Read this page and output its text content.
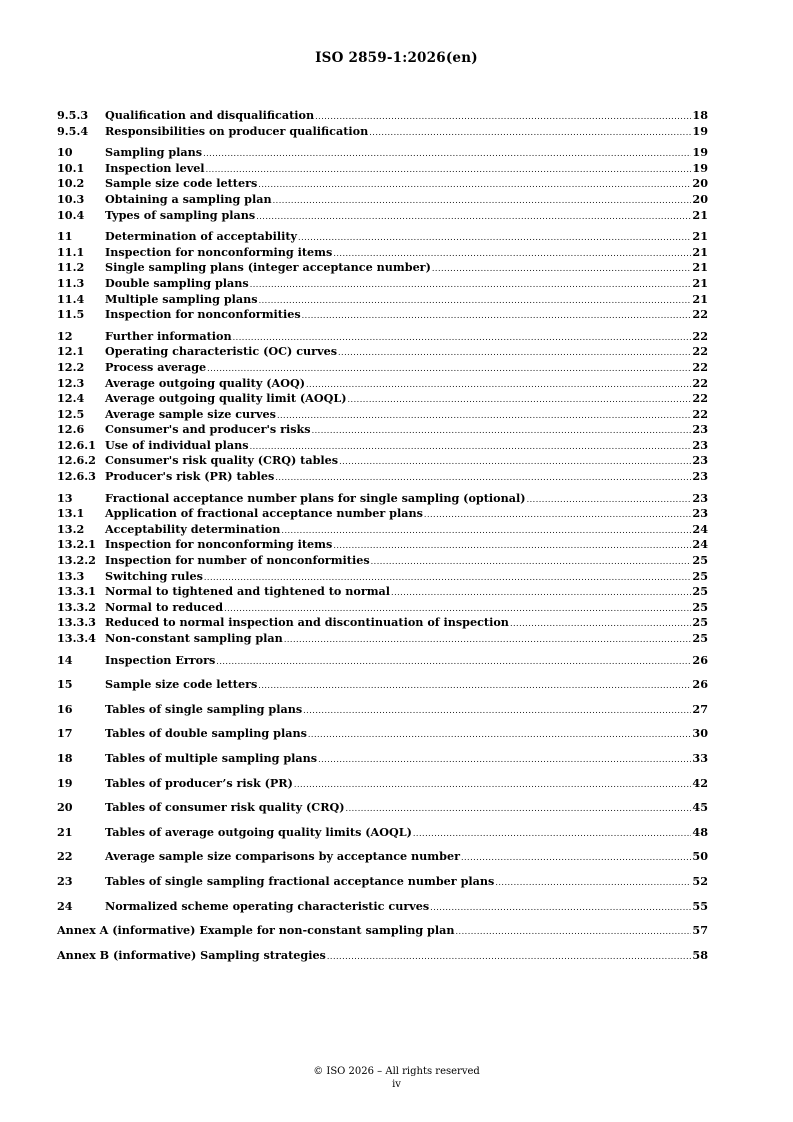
ISO 2859-1:2026(en)
9.5.3	Qualification and disqualification .....	18
9.5.4	Responsibilities on producer qualification .....	19
10	Sampling plans .....	19
10.1	Inspection level .....	19
10.2	Sample size code letters .....	20
10.3	Obtaining a sampling plan .....	20
10.4	Types of sampling plans .....	21
11	Determination of acceptability .....	21
11.1	Inspection for nonconforming items .....	21
11.2	Single sampling plans (integer acceptance number) .....	21
11.3	Double sampling plans .....	21
11.4	Multiple sampling plans .....	21
11.5	Inspection for nonconformities .....	22
12	Further information .....	22
12.1	Operating characteristic (OC) curves .....	22
12.2	Process average .....	22
12.3	Average outgoing quality (AOQ) .....	22
12.4	Average outgoing quality limit (AOQL) .....	22
12.5	Average sample size curves .....	22
12.6	Consumer's and producer's risks .....	23
12.6.1 Use of individual plans .....	23
12.6.2 Consumer's risk quality (CRQ) tables .....	23
12.6.3 Producer's risk (PR) tables .....	23
13	Fractional acceptance number plans for single sampling (optional) .....	23
13.1	Application of fractional acceptance number plans .....	23
13.2	Acceptability determination .....	24
13.2.1 Inspection for nonconforming items .....	24
13.2.2 Inspection for number of nonconformities .....	25
13.3	Switching rules .....	25
13.3.1 Normal to tightened and tightened to normal .....	25
13.3.2 Normal to reduced .....	25
13.3.3 Reduced to normal inspection and discontinuation of inspection .....	25
13.3.4 Non-constant sampling plan .....	25
14	Inspection Errors .....	26
15	Sample size code letters .....	26
16	Tables of single sampling plans .....	27
17	Tables of double sampling plans .....	30
18	Tables of multiple sampling plans .....	33
19	Tables of producer’s risk (PR) .....	42
20	Tables of consumer risk quality (CRQ) .....	45
21	Tables of average outgoing quality limits (AOQL) .....	48
22	Average sample size comparisons by acceptance number .....	50
23	Tables of single sampling fractional acceptance number plans .....	52
24	Normalized scheme operating characteristic curves .....	55
Annex A (informative) Example for non-constant sampling plan .....	57
Annex B (informative) Sampling strategies .....	58
© ISO 2026 – All rights reserved
iv
